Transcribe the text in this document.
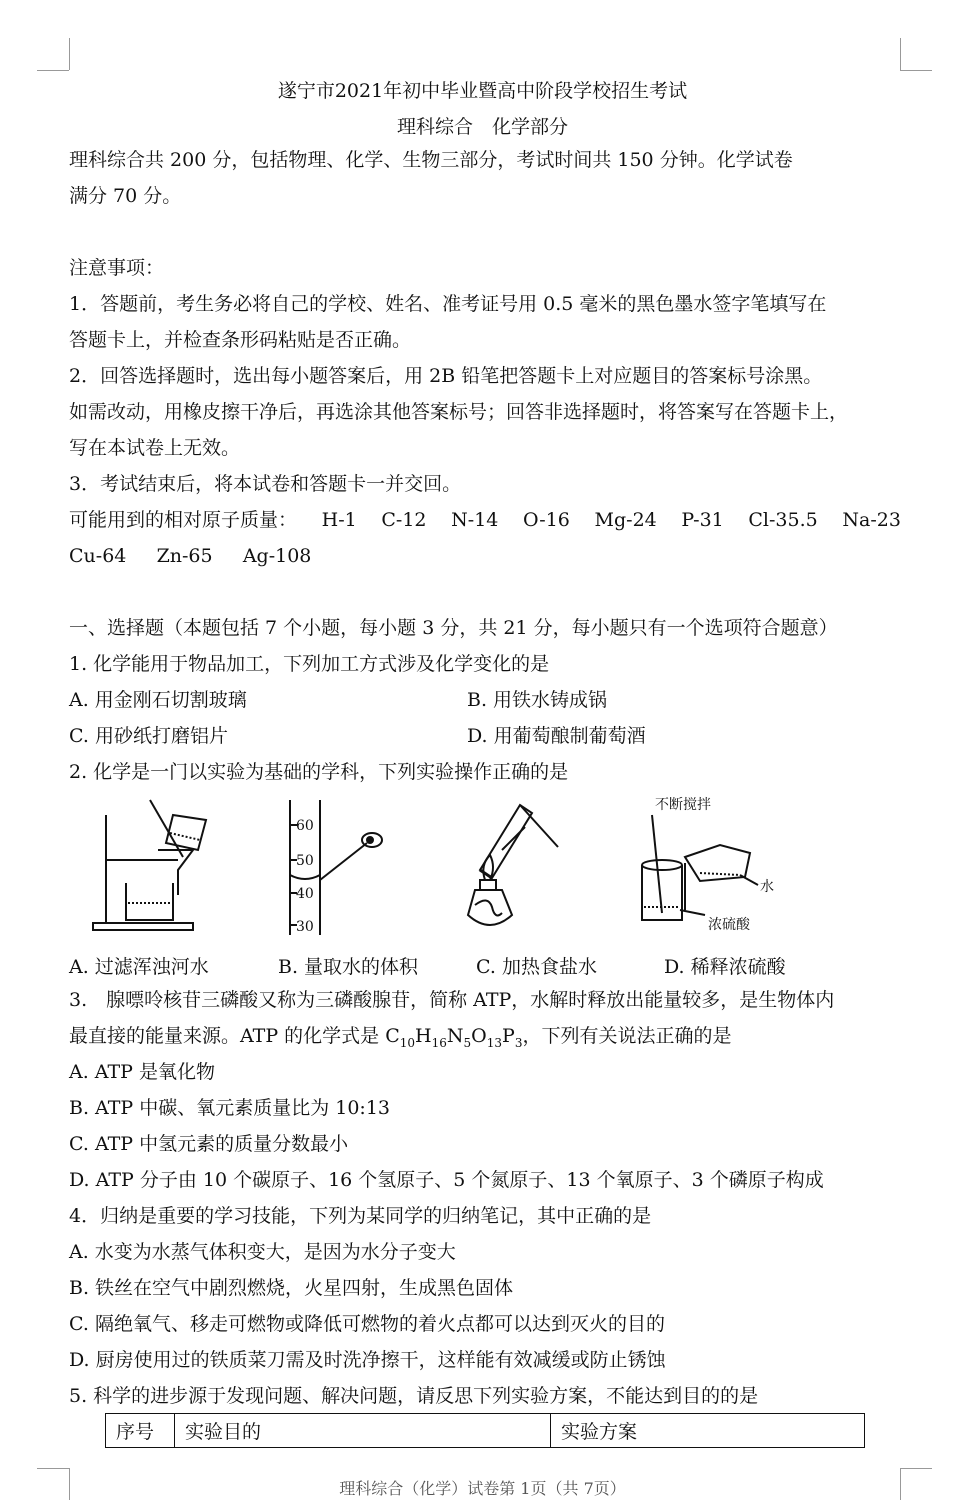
遂宁市2021年初中毕业暨高中阶段学校招生考试
理科综合　化学部分
理科综合共 200 分，包括物理、化学、生物三部分，考试时间共 150 分钟。化学试卷
满分 70 分。
注意事项：
1．答题前，考生务必将自己的学校、姓名、准考证号用 0.5 毫米的黑色墨水签字笔填写在
答题卡上，并检查条形码粘贴是否正确。
2．回答选择题时，选出每小题答案后，用 2B 铅笔把答题卡上对应题目的答案标号涂黑。
如需改动，用橡皮擦干净后，再选涂其他答案标号；回答非选择题时，将答案写在答题卡上，
写在本试卷上无效。
3．考试结束后，将本试卷和答题卡一并交回。
可能用到的相对原子质量： H-1 C-12 N-14 O-16 Mg-24 P-31 Cl-35.5 Na-23
Cu-64 Zn-65 Ag-108
一、选择题（本题包括 7 个小题，每小题 3 分，共 21 分，每小题只有一个选项符合题意）
1. 化学能用于物品加工，下列加工方式涉及化学变化的是
A. 用金刚石切割玻璃	B. 用铁水铸成锅
C. 用砂纸打磨铝片	D. 用葡萄酿制葡萄酒
2. 化学是一门以实验为基础的学科，下列实验操作正确的是
60
50
40
30
不断搅拌
水
浓硫酸
A. 过滤浑浊河水	B. 量取水的体积	C. 加热食盐水	D. 稀释浓硫酸
3.　腺嘌呤核苷三磷酸又称为三磷酸腺苷，简称 ATP，水解时释放出能量较多，是生物体内
最直接的能量来源。ATP 的化学式是 $C_{10}H_{16}N_5O_{13}P_3$，下列有关说法正确的是
A. ATP 是氧化物
B. ATP 中碳、氧元素质量比为 10:13
C. ATP 中氢元素的质量分数最小
D. ATP 分子由 10 个碳原子、16 个氢原子、5 个氮原子、13 个氧原子、3 个磷原子构成
4．归纳是重要的学习技能，下列为某同学的归纳笔记，其中正确的是
A. 水变为水蒸气体积变大，是因为水分子变大
B. 铁丝在空气中剧烈燃烧，火星四射，生成黑色固体
C. 隔绝氧气、移走可燃物或降低可燃物的着火点都可以达到灭火的目的
D. 厨房使用过的铁质菜刀需及时洗净擦干，这样能有效减缓或防止锈蚀
5. 科学的进步源于发现问题、解决问题，请反思下列实验方案，不能达到目的的是
序号	实验目的	实验方案
理科综合（化学）试卷第 1页（共 7页）
